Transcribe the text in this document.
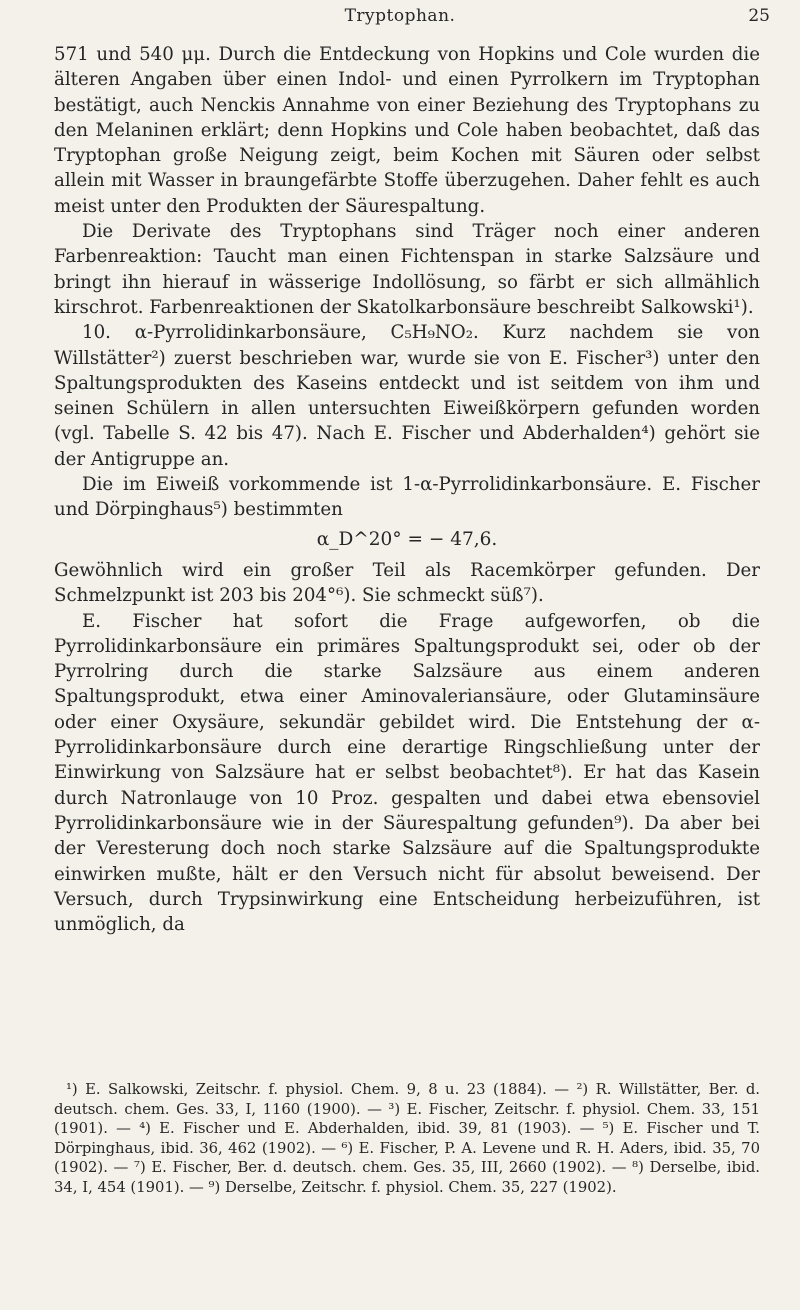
Tryptophan.	25

571 und 540 μμ. Durch die Entdeckung von Hopkins und Cole wurden die älteren Angaben über einen Indol- und einen Pyrrolkern im Tryptophan bestätigt, auch Nenckis Annahme von einer Beziehung des Tryptophans zu den Melaninen erklärt; denn Hopkins und Cole haben beobachtet, daß das Tryptophan große Neigung zeigt, beim Kochen mit Säuren oder selbst allein mit Wasser in braungefärbte Stoffe überzugehen. Daher fehlt es auch meist unter den Produkten der Säurespaltung.

Die Derivate des Tryptophans sind Träger noch einer anderen Farbenreaktion: Taucht man einen Fichtenspan in starke Salzsäure und bringt ihn hierauf in wässerige Indollösung, so färbt er sich allmählich kirschrot. Farbenreaktionen der Skatolkarbonsäure beschreibt Salkowski¹).

10. α-Pyrrolidinkarbonsäure, C₅H₉NO₂. Kurz nachdem sie von Willstätter²) zuerst beschrieben war, wurde sie von E. Fischer³) unter den Spaltungsprodukten des Kaseins entdeckt und ist seitdem von ihm und seinen Schülern in allen untersuchten Eiweißkörpern gefunden worden (vgl. Tabelle S. 42 bis 47). Nach E. Fischer und Abderhalden⁴) gehört sie der Antigruppe an.

Die im Eiweiß vorkommende ist 1-α-Pyrrolidinkarbonsäure. E. Fischer und Dörpinghaus⁵) bestimmten

α_D^20° = − 47,6.

Gewöhnlich wird ein großer Teil als Racemkörper gefunden. Der Schmelzpunkt ist 203 bis 204°⁶). Sie schmeckt süß⁷).

E. Fischer hat sofort die Frage aufgeworfen, ob die Pyrrolidinkarbonsäure ein primäres Spaltungsprodukt sei, oder ob der Pyrrolring durch die starke Salzsäure aus einem anderen Spaltungsprodukt, etwa einer Aminovaleriansäure, oder Glutaminsäure oder einer Oxysäure, sekundär gebildet wird. Die Entstehung der α-Pyrrolidinkarbonsäure durch eine derartige Ringschließung unter der Einwirkung von Salzsäure hat er selbst beobachtet⁸). Er hat das Kasein durch Natronlauge von 10 Proz. gespalten und dabei etwa ebensoviel Pyrrolidinkarbonsäure wie in der Säurespaltung gefunden⁹). Da aber bei der Veresterung doch noch starke Salzsäure auf die Spaltungsprodukte einwirken mußte, hält er den Versuch nicht für absolut beweisend. Der Versuch, durch Trypsinwirkung eine Entscheidung herbeizuführen, ist unmöglich, da

¹) E. Salkowski, Zeitschr. f. physiol. Chem. 9, 8 u. 23 (1884). — ²) R. Willstätter, Ber. d. deutsch. chem. Ges. 33, I, 1160 (1900). — ³) E. Fischer, Zeitschr. f. physiol. Chem. 33, 151 (1901). — ⁴) E. Fischer und E. Abderhalden, ibid. 39, 81 (1903). — ⁵) E. Fischer und T. Dörpinghaus, ibid. 36, 462 (1902). — ⁶) E. Fischer, P. A. Levene und R. H. Aders, ibid. 35, 70 (1902). — ⁷) E. Fischer, Ber. d. deutsch. chem. Ges. 35, III, 2660 (1902). — ⁸) Derselbe, ibid. 34, I, 454 (1901). — ⁹) Derselbe, Zeitschr. f. physiol. Chem. 35, 227 (1902).
